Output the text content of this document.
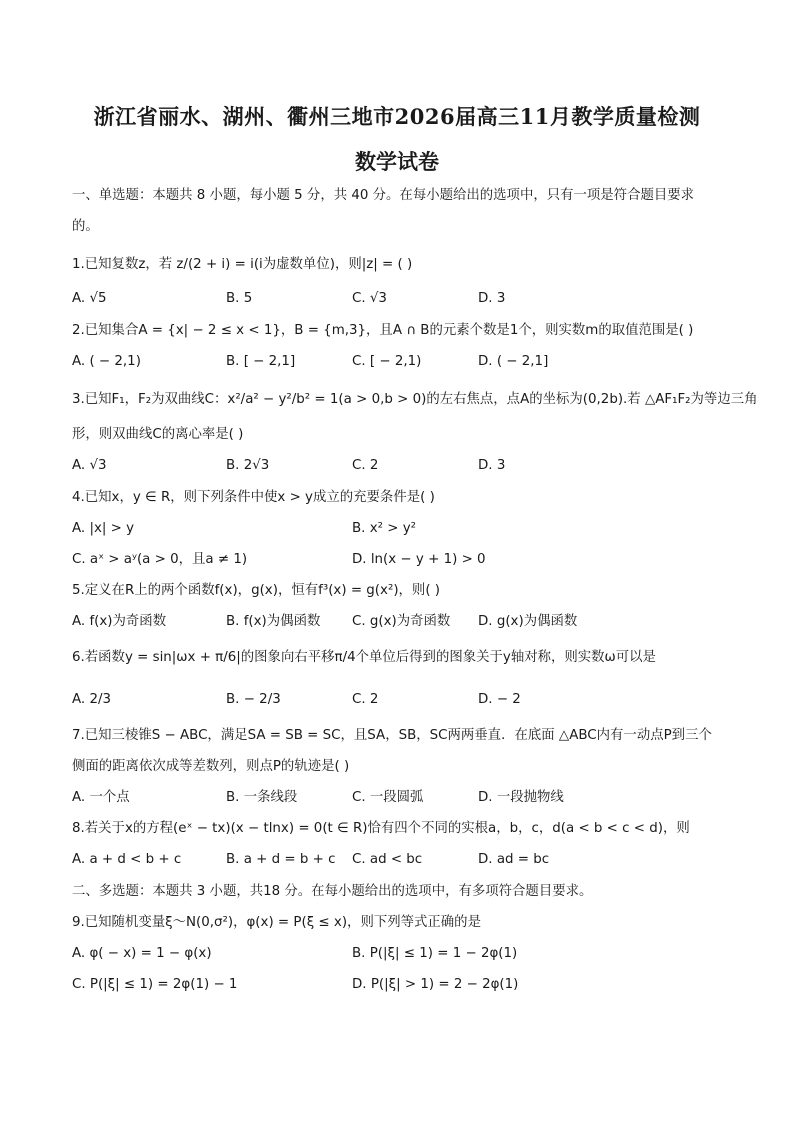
浙江省丽水、湖州、衢州三地市2026届高三11月教学质量检测
数学试卷
一、单选题：本题共 8 小题，每小题 5 分，共 40 分。在每小题给出的选项中，只有一项是符合题目要求
的。
1.已知复数z，若 z/(2 + i) = i(i为虚数单位)，则|z| = ( )
A. √5	B. 5	C. √3	D. 3
2.已知集合A = {x| − 2 ≤ x < 1}，B = {m,3}，且A ∩ B的元素个数是1个，则实数m的取值范围是( )
A. ( − 2,1)	B. [ − 2,1]	C. [ − 2,1)	D. ( − 2,1]
3.已知F₁，F₂为双曲线C：x²/a² − y²/b² = 1(a > 0,b > 0)的左右焦点，点A的坐标为(0,2b).若 △AF₁F₂为等边三角
形，则双曲线C的离心率是( )
A. √3	B. 2√3	C. 2	D. 3
4.已知x，y ∈ R，则下列条件中使x > y成立的充要条件是( )
A. |x| > y	B. x² > y²
C. aˣ > aʸ(a > 0，且a ≠ 1)	D. ln(x − y + 1) > 0
5.定义在R上的两个函数f(x)，g(x)，恒有f³(x) = g(x²)，则( )
A. f(x)为奇函数	B. f(x)为偶函数 C. g(x)为奇函数 D. g(x)为偶函数
6.若函数y = sin|ωx + π/6|的图象向右平移π/4个单位后得到的图象关于y轴对称，则实数ω可以是
A. 2/3	B. − 2/3	C. 2	D. − 2
7.已知三棱锥S − ABC，满足SA = SB = SC，且SA，SB，SC两两垂直．在底面 △ABC内有一动点P到三个
侧面的距离依次成等差数列，则点P的轨迹是( )
A. 一个点	B. 一条线段	C. 一段圆弧	D. 一段抛物线
8.若关于x的方程(eˣ − tx)(x − tlnx) = 0(t ∈ R)恰有四个不同的实根a，b，c，d(a < b < c < d)，则
A. a + d < b + c	B. a + d = b + c C. ad < bc	D. ad = bc
二、多选题：本题共 3 小题，共18 分。在每小题给出的选项中，有多项符合题目要求。
9.已知随机变量ξ～N(0,σ²)，φ(x) = P(ξ ≤ x)，则下列等式正确的是
A. φ( − x) = 1 − φ(x)	B. P(|ξ| ≤ 1) = 1 − 2φ(1)
C. P(|ξ| ≤ 1) = 2φ(1) − 1	D. P(|ξ| > 1) = 2 − 2φ(1)
